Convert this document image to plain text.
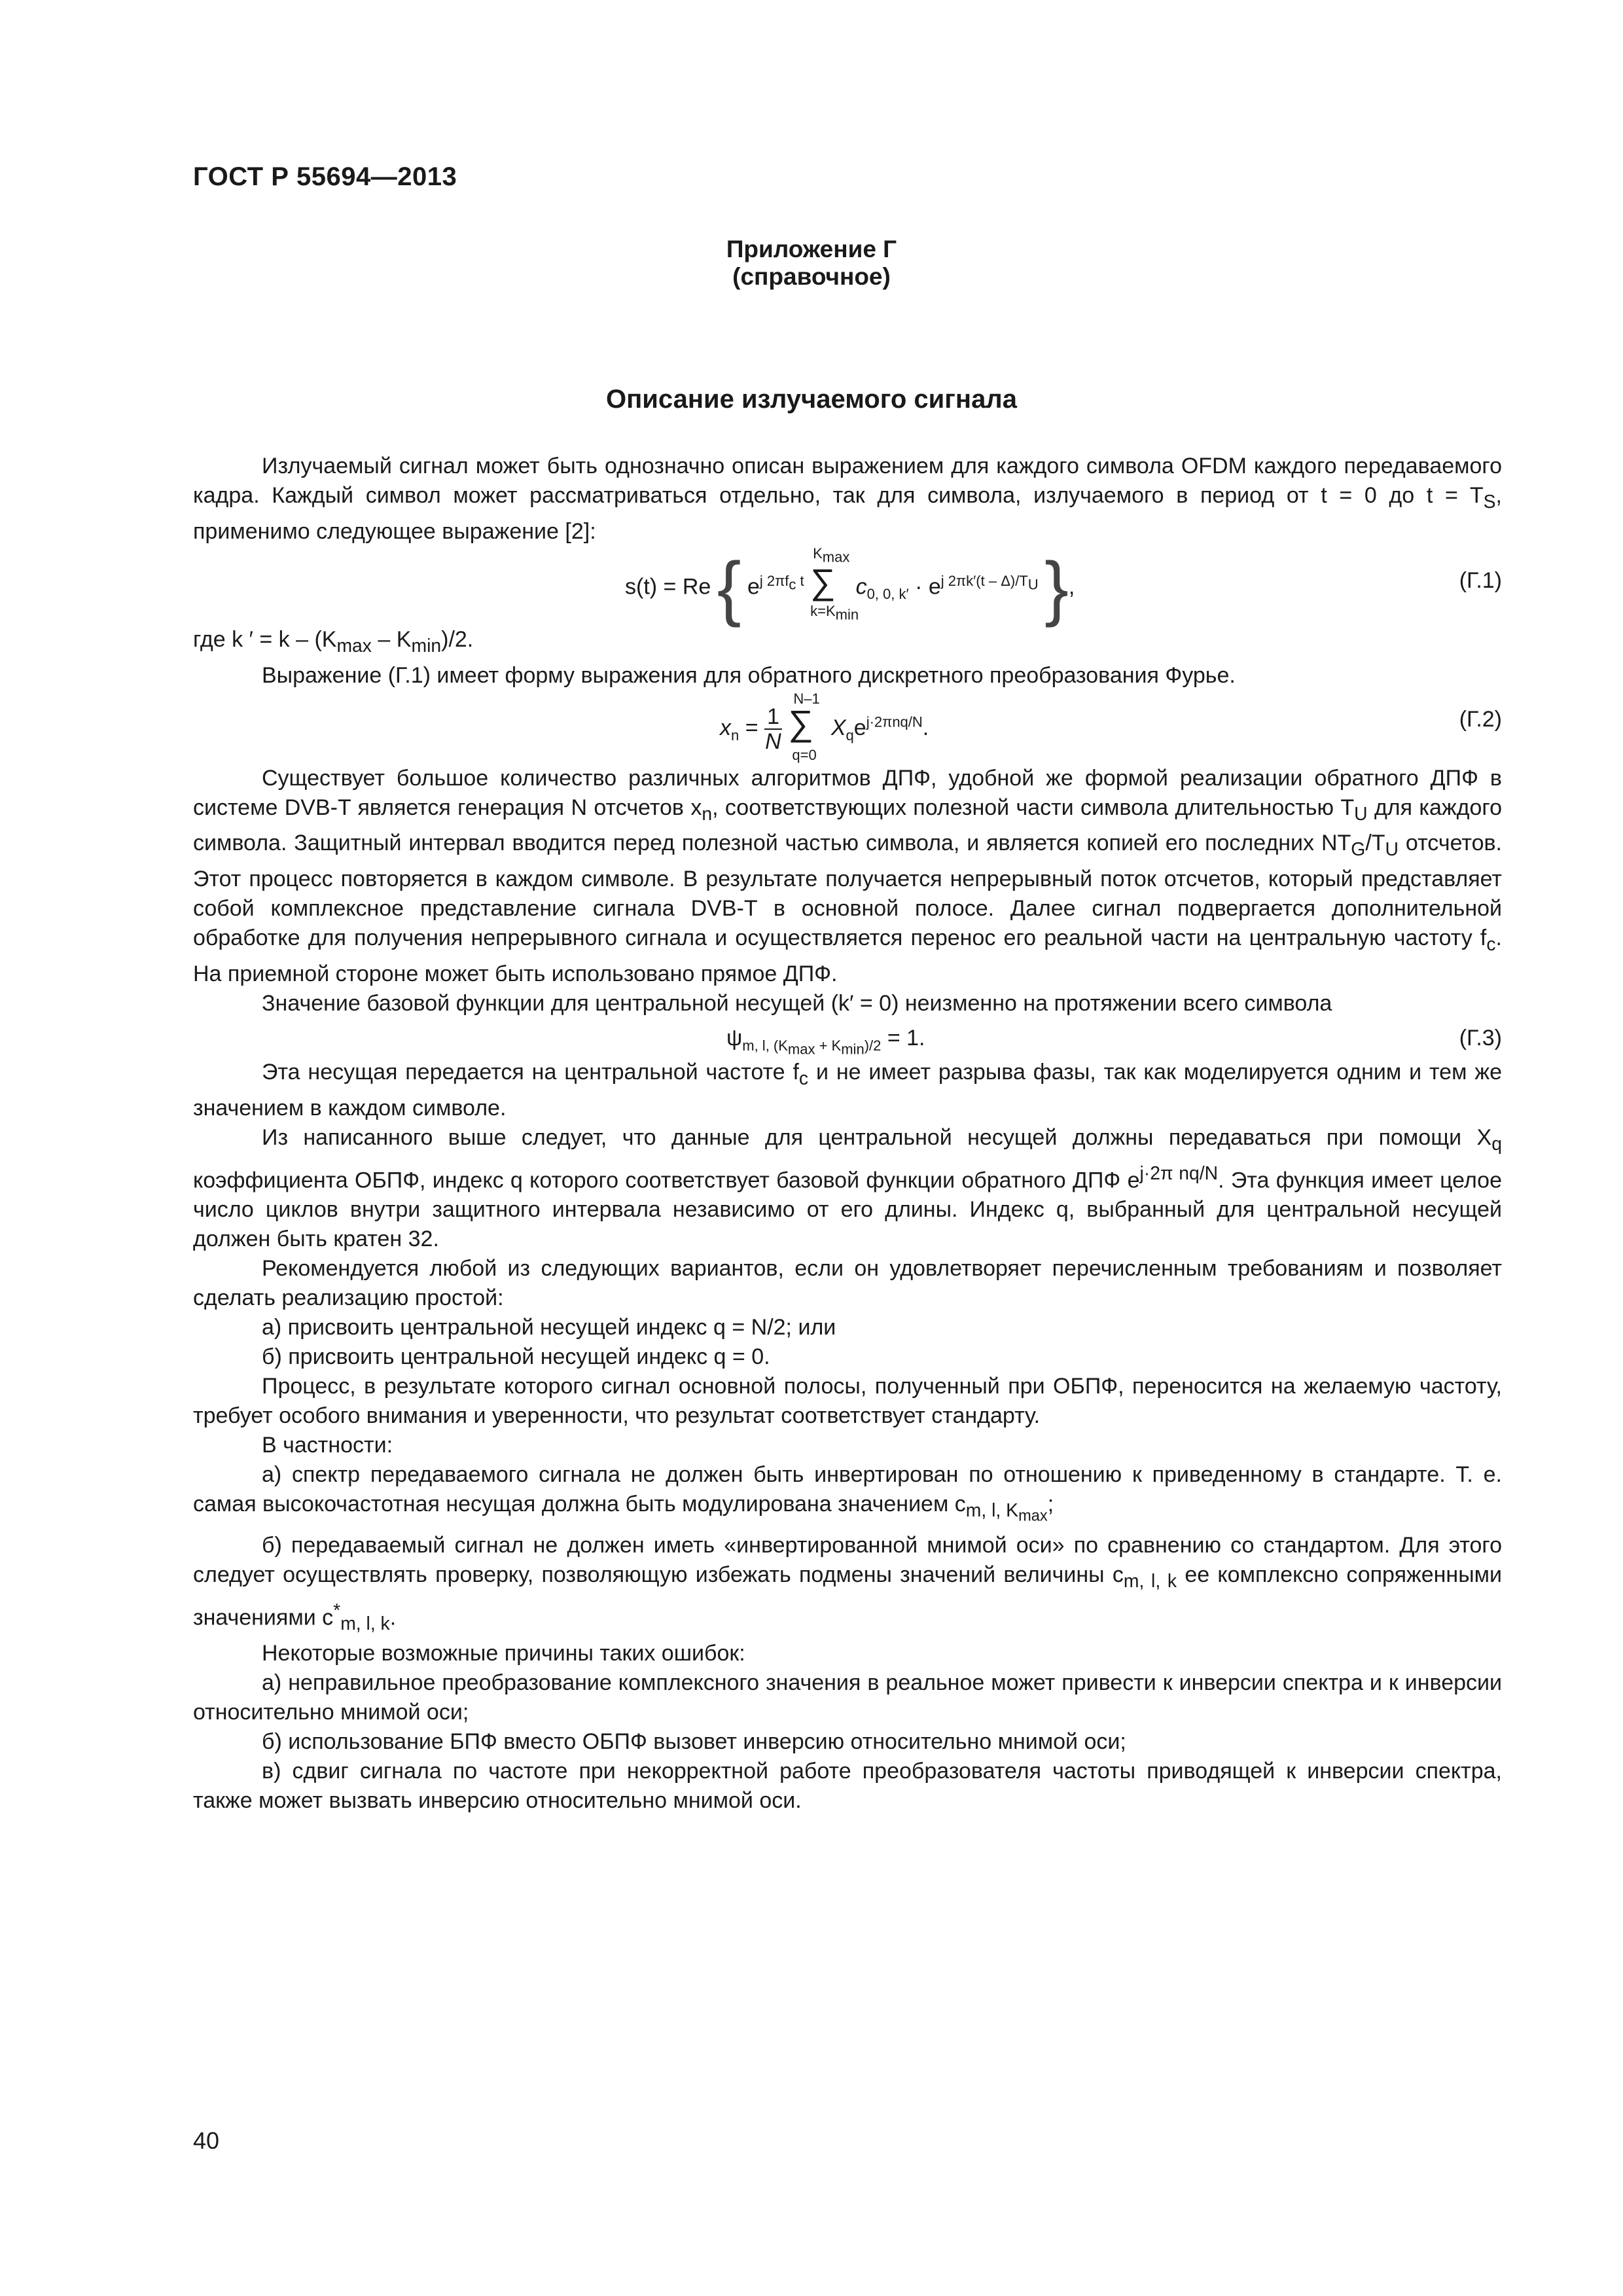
ГОСТ Р 55694—2013
Приложение Г
(справочное)
Описание излучаемого сигнала

Излучаемый сигнал может быть однозначно описан выражением для каждого символа OFDM каждого передаваемого кадра. Каждый символ может рассматриваться отдельно, так для символа, излучаемого в период от t = 0 до $t = T_S$, применимо следующее выражение [2]:

s(t) = Re { $e^{j 2\pi f_c t}$ ∑
$K_{max}$
$k=K_{min}$
$c_{0, 0, k'} \cdot e^{j 2\pi k'(t - \Delta)/T_U}$ },	(Г.1)

где k ′ = k – $(K_{max} - K_{min})/2$.

Выражение (Г.1) имеет форму выражения для обратного дискретного преобразования Фурье.

$x_n = \frac{1}{N}$ ∑
N–1
q=0
$X_qe^{j\cdot 2\pi nq/N}$.	(Г.2)

Существует большое количество различных алгоритмов ДПФ, удобной же формой реализации обратного ДПФ в системе DVB-T является генерация N отсчетов $x_n$, соответствующих полезной части символа длительностью $T_U$ для каждого символа. Защитный интервал вводится перед полезной частью символа, и является копией его последних $NT_G/T_U$ отсчетов. Этот процесс повторяется в каждом символе. В результате получается непрерывный поток отсчетов, который представляет собой комплексное представление сигнала DVB-T в основной полосе. Далее сигнал подвергается дополнительной обработке для получения непрерывного сигнала и осуществляется перенос его реальной части на центральную частоту $f_c$. На приемной стороне может быть использовано прямое ДПФ.

Значение базовой функции для центральной несущей (k′ = 0) неизменно на протяжении всего символа

$\psi_{m, l, (K_{max} + K_{min})/2} = 1$.	(Г.3)

Эта несущая передается на центральной частоте $f_c$ и не имеет разрыва фазы, так как моделируется одним и тем же значением в каждом символе.

Из написанного выше следует, что данные для центральной несущей должны передаваться при помощи $X_q$ коэффициента ОБПФ, индекс q которого соответствует базовой функции обратного ДПФ $e^{j\cdot 2\pi nq/N}$. Эта функция имеет целое число циклов внутри защитного интервала независимо от его длины. Индекс q, выбранный для центральной несущей должен быть кратен 32.

Рекомендуется любой из следующих вариантов, если он удовлетворяет перечисленным требованиям и позволяет сделать реализацию простой:

а) присвоить центральной несущей индекс q = N/2; или

б) присвоить центральной несущей индекс q = 0.

Процесс, в результате которого сигнал основной полосы, полученный при ОБПФ, переносится на желаемую частоту, требует особого внимания и уверенности, что результат соответствует стандарту.

В частности:

а) спектр передаваемого сигнала не должен быть инвертирован по отношению к приведенному в стандарте. Т. е. самая высокочастотная несущая должна быть модулирована значением $c_{m, l, K_{max}}$;

б) передаваемый сигнал не должен иметь «инвертированной мнимой оси» по сравнению со стандартом. Для этого следует осуществлять проверку, позволяющую избежать подмены значений величины $c_{m, l, k}$ ее комплексно сопряженными значениями $c^*_{m, l, k}$.

Некоторые возможные причины таких ошибок:

а) неправильное преобразование комплексного значения в реальное может привести к инверсии спектра и к инверсии относительно мнимой оси;

б) использование БПФ вместо ОБПФ вызовет инверсию относительно мнимой оси;

в) сдвиг сигнала по частоте при некорректной работе преобразователя частоты приводящей к инверсии спектра, также может вызвать инверсию относительно мнимой оси.

40
